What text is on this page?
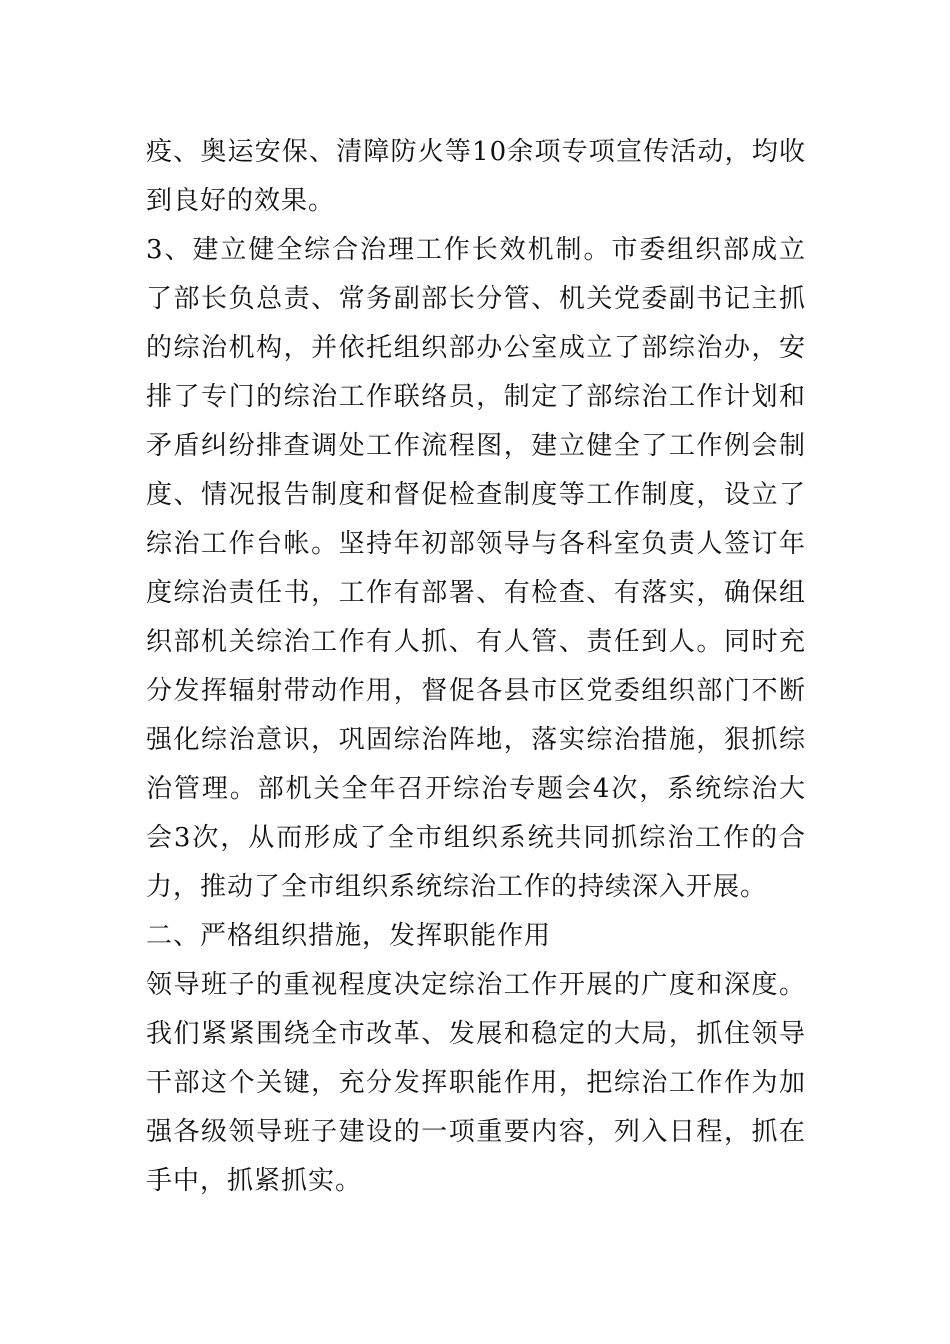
疫、奥运安保、清障防火等10余项专项宣传活动，均收到良好的效果。

3、建立健全综合治理工作长效机制。市委组织部成立了部长负总责、常务副部长分管、机关党委副书记主抓的综治机构，并依托组织部办公室成立了部综治办，安排了专门的综治工作联络员，制定了部综治工作计划和矛盾纠纷排查调处工作流程图，建立健全了工作例会制度、情况报告制度和督促检查制度等工作制度，设立了综治工作台帐。坚持年初部领导与各科室负责人签订年度综治责任书，工作有部署、有检查、有落实，确保组织部机关综治工作有人抓、有人管、责任到人。同时充分发挥辐射带动作用，督促各县市区党委组织部门不断强化综治意识，巩固综治阵地，落实综治措施，狠抓综治管理。部机关全年召开综治专题会4次，系统综治大会3次，从而形成了全市组织系统共同抓综治工作的合力，推动了全市组织系统综治工作的持续深入开展。

二、严格组织措施，发挥职能作用

领导班子的重视程度决定综治工作开展的广度和深度。我们紧紧围绕全市改革、发展和稳定的大局，抓住领导干部这个关键，充分发挥职能作用，把综治工作作为加强各级领导班子建设的一项重要内容，列入日程，抓在手中，抓紧抓实。
